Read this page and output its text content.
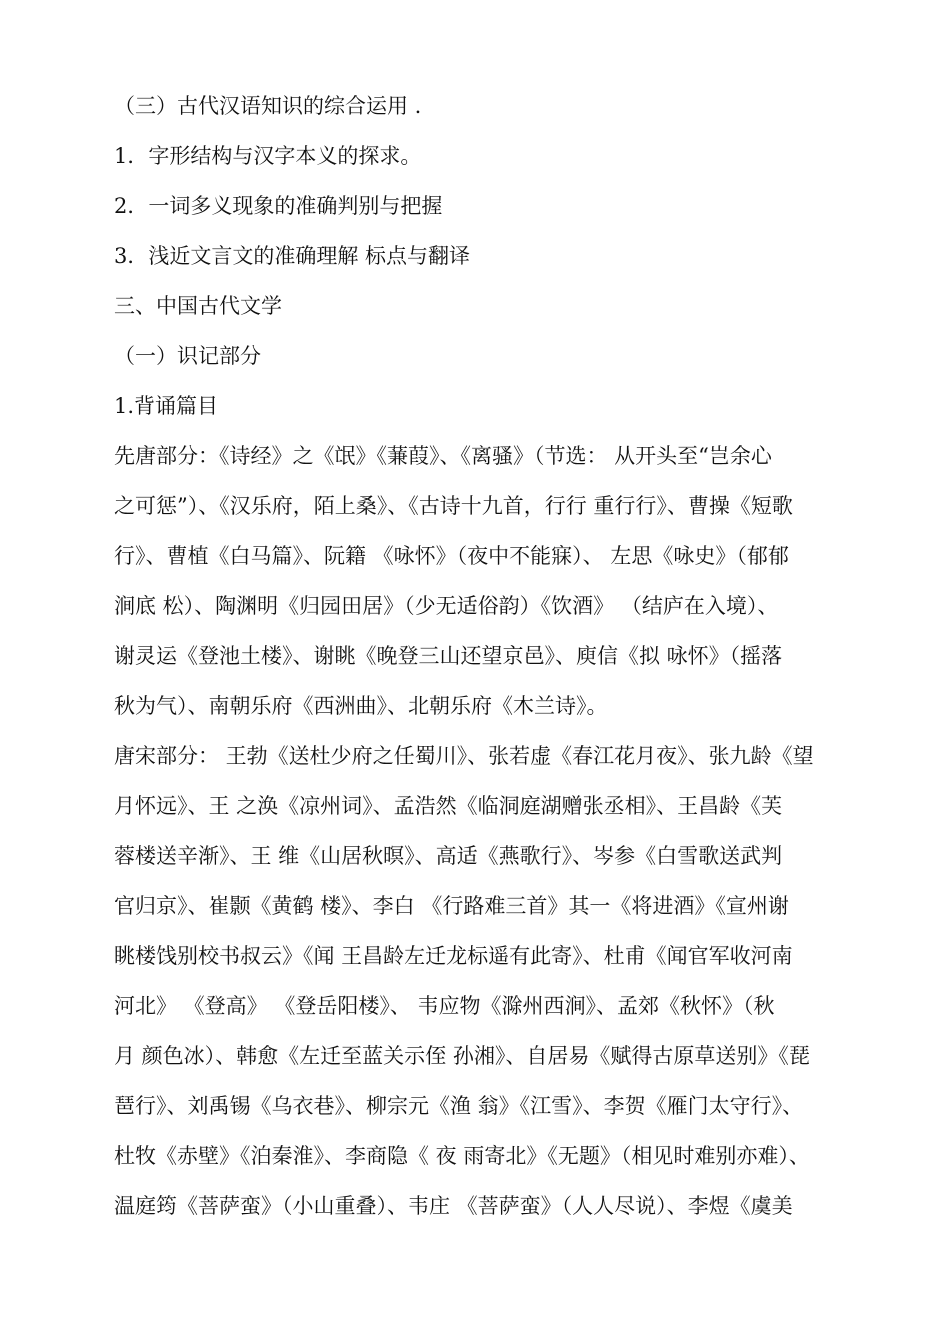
（三）古代汉语知识的综合运用 .
1．字形结构与汉字本义的探求。
2．一词多义现象的准确判别与把握
3．浅近文言文的准确理解 标点与翻译
三、中国古代文学
（一）识记部分
1.背诵篇目
先唐部分：《诗经》之《氓》《蒹葭》、《离骚》（节选： 从开头至“岂余心
之可惩”）、《汉乐府，陌上桑》、《古诗十九首，行行 重行行》、曹操《短歌
行》、曹植《白马篇》、阮籍 《咏怀》（夜中不能寐）、 左思《咏史》（郁郁
涧底 松）、陶渊明《归园田居》（少无适俗韵）《饮酒》 （结庐在入境）、
谢灵运《登池土楼》、谢眺《晚登三山还望京邑》、庾信《拟 咏怀》（摇落
秋为气）、南朝乐府《西洲曲》、北朝乐府《木兰诗》。
唐宋部分： 王勃《送杜少府之任蜀川》、张若虚《春江花月夜》、张九龄《望
月怀远》、王 之涣《凉州词》、孟浩然《临洞庭湖赠张丞相》、王昌龄《芙
蓉楼送辛渐》、王 维《山居秋暝》、高适《燕歌行》、岑参《白雪歌送武判
官归京》、崔颢《黄鹤 楼》、李白 《行路难三首》其一《将进酒》《宣州谢
眺楼饯别校书叔云》《闻 王昌龄左迁龙标遥有此寄》、杜甫《闻官军收河南
河北》 《登高》 《登岳阳楼》、 韦应物《滁州西涧》、孟郊《秋怀》（秋
月 颜色冰）、韩愈《左迁至蓝关示侄 孙湘》、自居易《赋得古原草送别》《琵
琶行》、刘禹锡《乌衣巷》、柳宗元《渔 翁》《江雪》、李贺《雁门太守行》、
杜牧《赤壁》《泊秦淮》、李商隐《 夜 雨寄北》《无题》（相见时难别亦难）、
温庭筠《菩萨蛮》（小山重叠）、韦庄 《菩萨蛮》（人人尽说）、李煜《虞美
